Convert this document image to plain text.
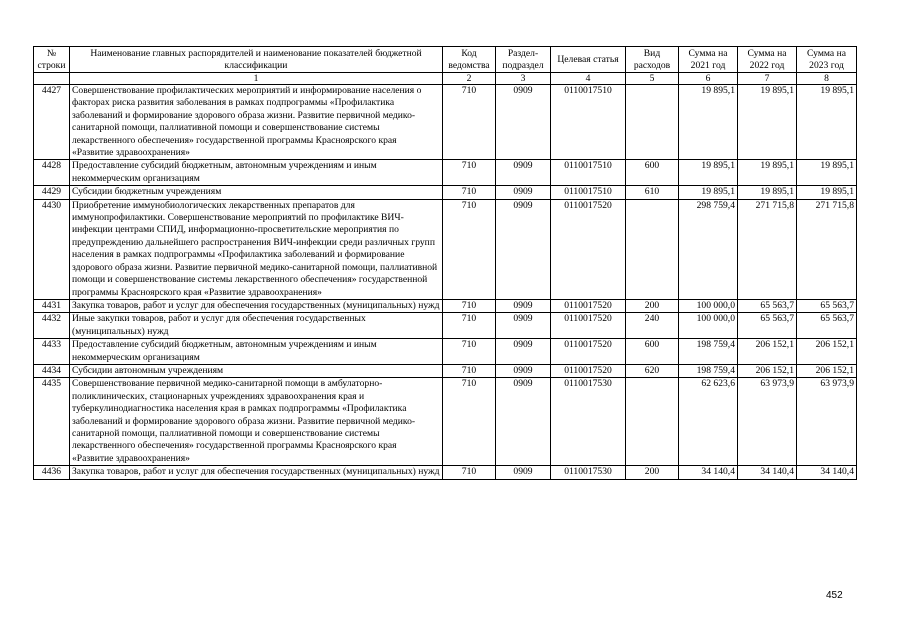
№ строки	Наименование главных распорядителей и наименование показателей бюджетной классификации	Код ведомства	Раздел-подраздел	Целевая статья	Вид расходов	Сумма на 2021 год	Сумма на 2022 год	Сумма на 2023 год
	1	2	3	4	5	6	7	8
4427	Совершенствование профилактических мероприятий и информирование населения о факторах риска развития заболевания в рамках подпрограммы «Профилактика заболеваний и формирование здорового образа жизни. Развитие первичной медико-санитарной помощи, паллиативной помощи и совершенствование системы лекарственного обеспечения» государственной программы Красноярского края «Развитие здравоохранения»	710	0909	0110017510		19 895,1	19 895,1	19 895,1
4428	Предоставление субсидий бюджетным, автономным учреждениям и иным некоммерческим организациям	710	0909	0110017510	600	19 895,1	19 895,1	19 895,1
4429	Субсидии бюджетным учреждениям	710	0909	0110017510	610	19 895,1	19 895,1	19 895,1
4430	Приобретение иммунобиологических лекарственных препаратов для иммунопрофилактики. Совершенствование мероприятий по профилактике ВИЧ-инфекции центрами СПИД, информационно-просветительские мероприятия по предупреждению дальнейшего распространения ВИЧ-инфекции среди различных групп населения в рамках подпрограммы «Профилактика заболеваний и формирование здорового образа жизни. Развитие первичной медико-санитарной помощи, паллиативной помощи и совершенствование системы лекарственного обеспечения» государственной программы Красноярского края «Развитие здравоохранения»	710	0909	0110017520		298 759,4	271 715,8	271 715,8
4431	Закупка товаров, работ и услуг для обеспечения государственных (муниципальных) нужд	710	0909	0110017520	200	100 000,0	65 563,7	65 563,7
4432	Иные закупки товаров, работ и услуг для обеспечения государственных (муниципальных) нужд	710	0909	0110017520	240	100 000,0	65 563,7	65 563,7
4433	Предоставление субсидий бюджетным, автономным учреждениям и иным некоммерческим организациям	710	0909	0110017520	600	198 759,4	206 152,1	206 152,1
4434	Субсидии автономным учреждениям	710	0909	0110017520	620	198 759,4	206 152,1	206 152,1
4435	Совершенствование первичной медико-санитарной помощи в амбулаторно-поликлинических, стационарных учреждениях здравоохранения края и туберкулинодиагностика населения края в рамках подпрограммы «Профилактика заболеваний и формирование здорового образа жизни. Развитие первичной медико-санитарной помощи, паллиативной помощи и совершенствование системы лекарственного обеспечения» государственной программы Красноярского края «Развитие здравоохранения»	710	0909	0110017530		62 623,6	63 973,9	63 973,9
4436	Закупка товаров, работ и услуг для обеспечения государственных (муниципальных) нужд	710	0909	0110017530	200	34 140,4	34 140,4	34 140,4
452
